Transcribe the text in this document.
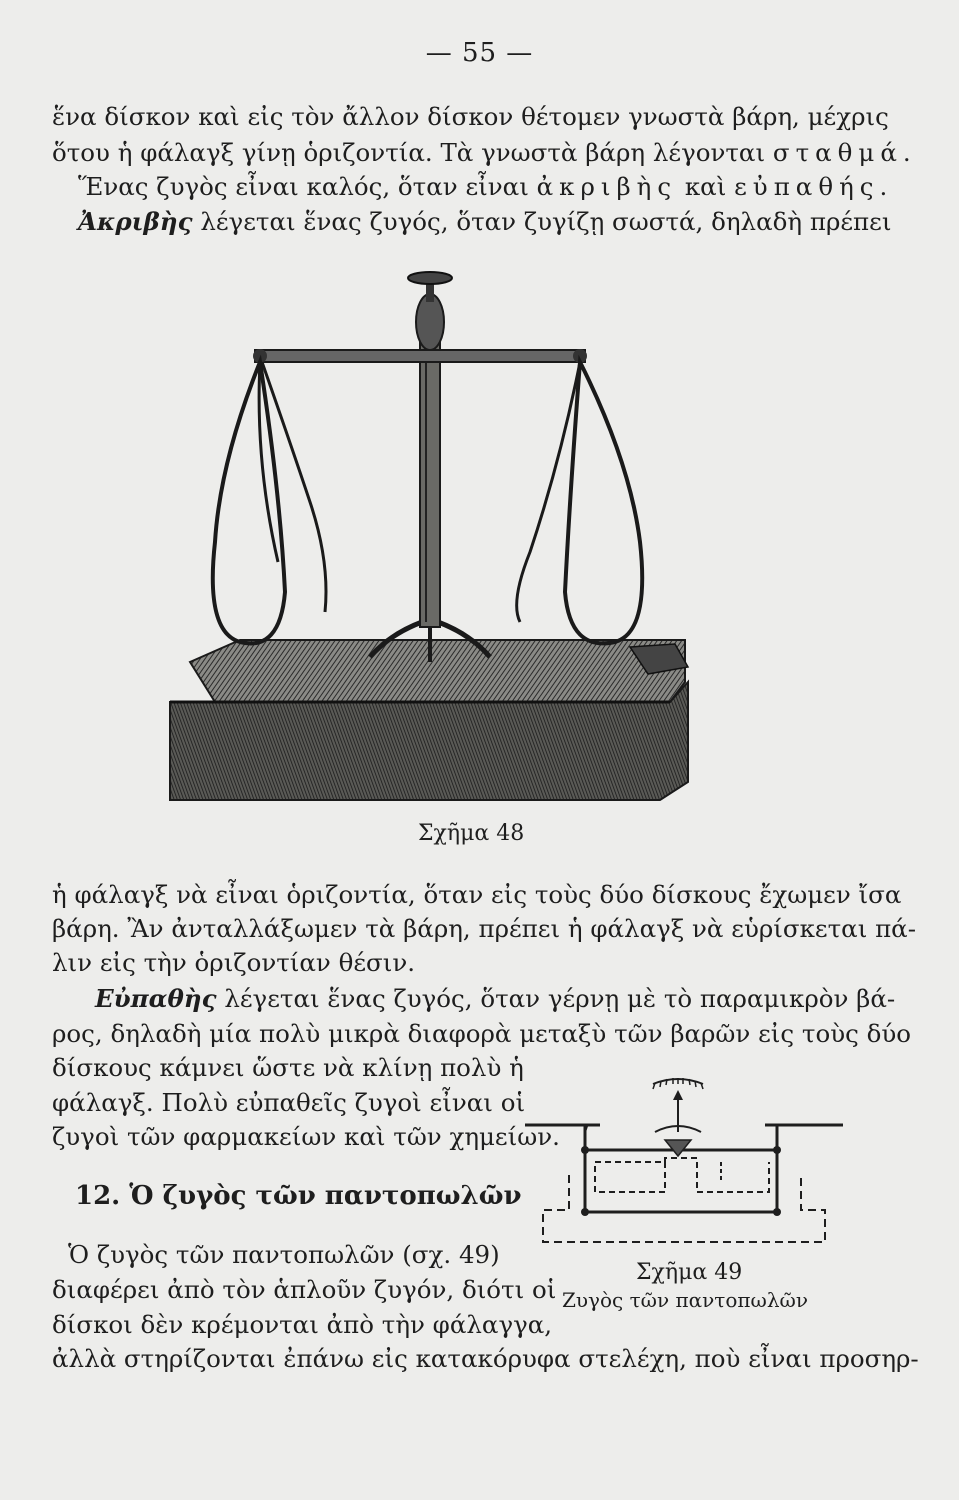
— 55 —
ἕνα δίσκον καὶ εἰς τὸν ἄλλον δίσκον θέτομεν γνωστὰ βάρη, μέχρις
ὅτου ἡ φάλαγξ γίνῃ ὁριζοντία. Τὰ γνωστὰ βάρη λέγονται σταθμά.
Ἕνας ζυγὸς εἶναι καλός, ὅταν εἶναι ἀκριβὴς καὶ εὐπαθής.
Ἀκριβὴς λέγεται ἕνας ζυγός, ὅταν ζυγίζῃ σωστά, δηλαδὴ πρέπει
Σχῆμα 48
ἡ φάλαγξ νὰ εἶναι ὁριζοντία, ὅταν εἰς τοὺς δύο δίσκους ἔχωμεν ἴσα
βάρη. Ἂν ἀνταλλάξωμεν τὰ βάρη, πρέπει ἡ φάλαγξ νὰ εὑρίσκεται πά-
λιν εἰς τὴν ὁριζοντίαν θέσιν.
Εὐπαθὴς λέγεται ἕνας ζυγός, ὅταν γέρνῃ μὲ τὸ παραμικρὸν βά-
ρος, δηλαδὴ μία πολὺ μικρὰ διαφορὰ μεταξὺ τῶν βαρῶν εἰς τοὺς δύο
δίσκους κάμνει ὥστε νὰ κλίνῃ πολὺ ἡ
φάλαγξ. Πολὺ εὐπαθεῖς ζυγοὶ εἶναι οἱ
ζυγοὶ τῶν φαρμακείων καὶ τῶν χημείων.
12. Ὁ ζυγὸς τῶν παντοπωλῶν
Ὁ ζυγὸς τῶν παντοπωλῶν (σχ. 49)
διαφέρει ἀπὸ τὸν ἁπλοῦν ζυγόν, διότι οἱ
δίσκοι δὲν κρέμονται ἀπὸ τὴν φάλαγγα,
ἀλλὰ στηρίζονται ἐπάνω εἰς κατακόρυφα στελέχη, ποὺ εἶναι προσηρ-
Σχῆμα 49
Ζυγὸς τῶν παντοπωλῶν
